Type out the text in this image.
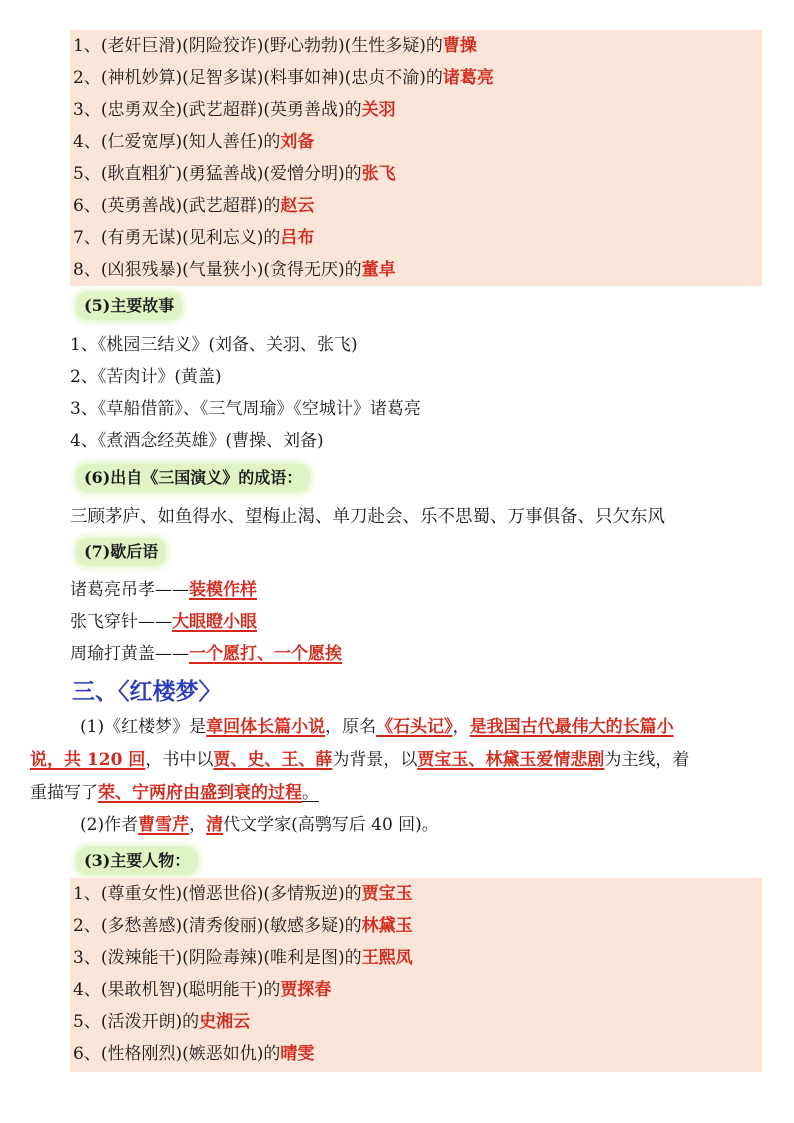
1、(老奸巨滑)(阴险狡诈)(野心勃勃)(生性多疑)的曹操
2、(神机妙算)(足智多谋)(料事如神)(忠贞不渝)的诸葛亮
3、(忠勇双全)(武艺超群)(英勇善战)的关羽
4、(仁爱宽厚)(知人善任)的刘备
5、(耿直粗犷)(勇猛善战)(爱憎分明)的张飞
6、(英勇善战)(武艺超群)的赵云
7、(有勇无谋)(见利忘义)的吕布
8、(凶狠残暴)(气量狭小)(贪得无厌)的董卓
(5)主要故事
1、《桃园三结义》(刘备、关羽、张飞)
2、《苦肉计》(黄盖)
3、《草船借箭》、《三气周瑜》《空城计》诸葛亮
4、《煮酒念经英雄》(曹操、刘备)
(6)出自《三国演义》的成语：
三顾茅庐、如鱼得水、望梅止渴、单刀赴会、乐不思蜀、万事俱备、只欠东风
(7)歇后语
诸葛亮吊孝——装模作样
张飞穿针——大眼瞪小眼
周瑜打黄盖——一个愿打、一个愿挨
三、〈红楼梦〉
(1)《红楼梦》是章回体长篇小说，原名《石头记》，是我国古代最伟大的长篇小
说，共 120 回，书中以贾、史、王、薛为背景，以贾宝玉、林黛玉爱情悲剧为主线，着
重描写了荣、宁两府由盛到衰的过程。
(2)作者曹雪芹，清代文学家(高鹗写后 40 回)。
(3)主要人物：
1、(尊重女性)(憎恶世俗)(多情叛逆)的贾宝玉
2、(多愁善感)(清秀俊丽)(敏感多疑)的林黛玉
3、(泼辣能干)(阴险毒辣)(唯利是图)的王熙凤
4、(果敢机智)(聪明能干)的贾探春
5、(活泼开朗)的史湘云
6、(性格刚烈)(嫉恶如仇)的晴雯
